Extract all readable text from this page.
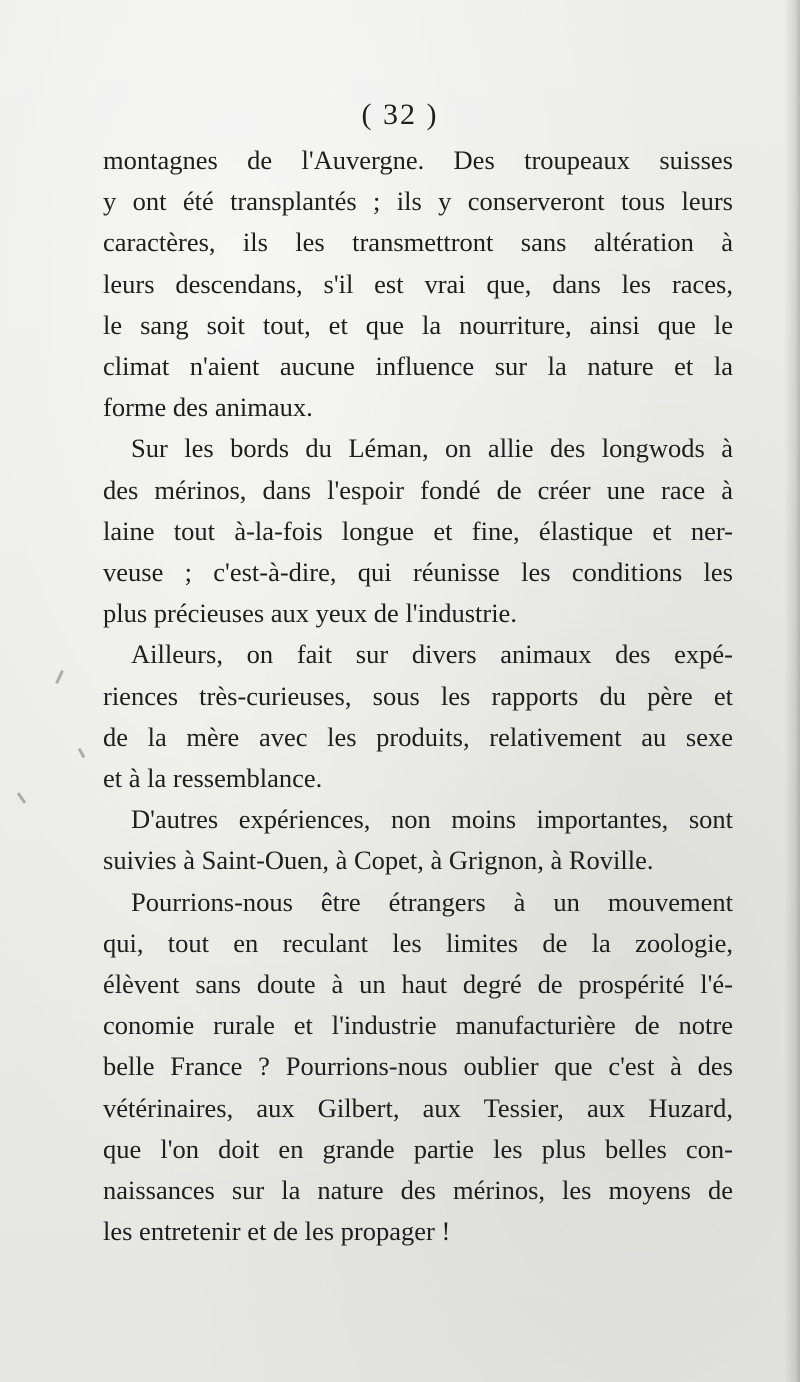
( 32 )
montagnes de l'Auvergne. Des troupeaux suisses
y ont été transplantés ; ils y conserveront tous leurs
caractères, ils les transmettront sans altération à
leurs descendans, s'il est vrai que, dans les races,
le sang soit tout, et que la nourriture, ainsi que le
climat n'aient aucune influence sur la nature et la
forme des animaux.
Sur les bords du Léman, on allie des longwods à
des mérinos, dans l'espoir fondé de créer une race à
laine tout à-la-fois longue et fine, élastique et ner-
veuse ; c'est-à-dire, qui réunisse les conditions les
plus précieuses aux yeux de l'industrie.
Ailleurs, on fait sur divers animaux des expé-
riences très-curieuses, sous les rapports du père et
de la mère avec les produits, relativement au sexe
et à la ressemblance.
D'autres expériences, non moins importantes, sont
suivies à Saint-Ouen, à Copet, à Grignon, à Roville.
Pourrions-nous être étrangers à un mouvement
qui, tout en reculant les limites de la zoologie,
élèvent sans doute à un haut degré de prospérité l'é-
conomie rurale et l'industrie manufacturière de notre
belle France ? Pourrions-nous oublier que c'est à des
vétérinaires, aux Gilbert, aux Tessier, aux Huzard,
que l'on doit en grande partie les plus belles con-
naissances sur la nature des mérinos, les moyens de
les entretenir et de les propager !
